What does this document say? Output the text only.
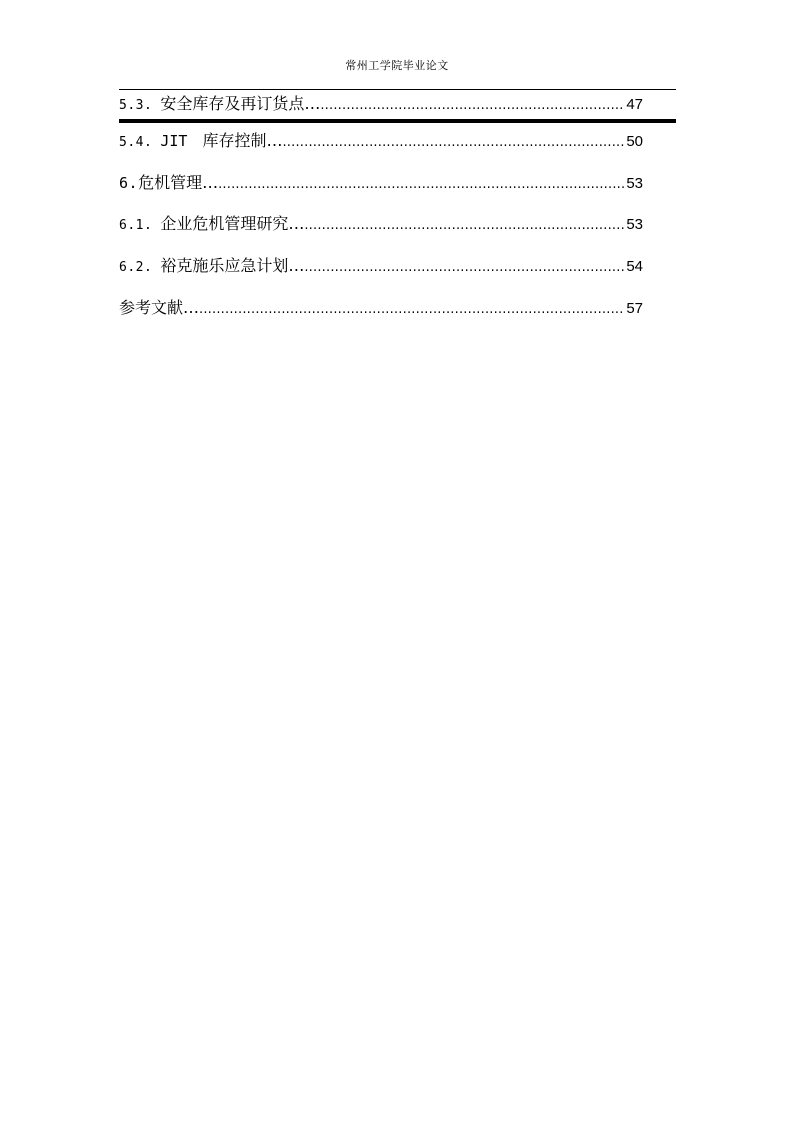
常州工学院毕业论文
5.3. 安全库存及再订货点… .....	47
5.4. JIT 库存控制… .....	50
6. 危机管理… .....	53
6.1. 企业危机管理研究… .....	53
6.2. 裕克施乐应急计划… .....	54
参考文献… .....	57
